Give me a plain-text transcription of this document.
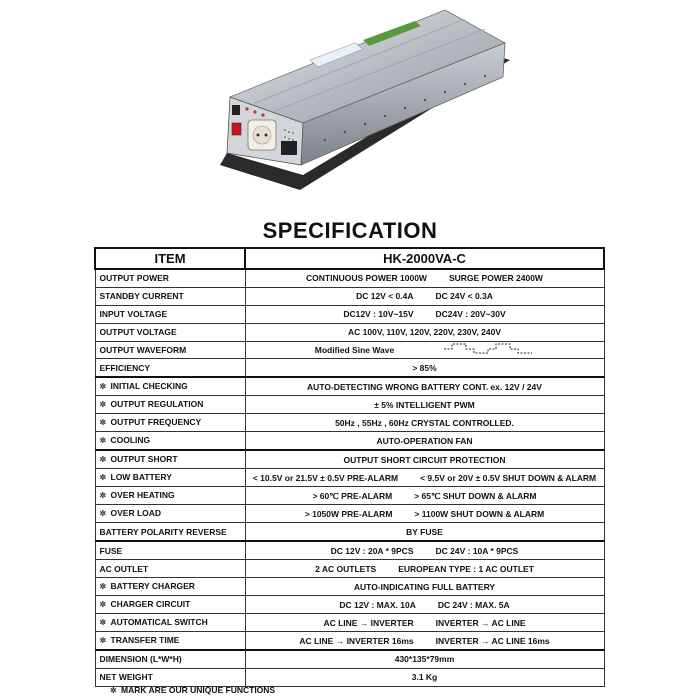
SPECIFICATION
ITEM	HK-2000VA-C
OUTPUT POWER	CONTINUOUS POWER 1000W SURGE POWER 2400W

STANDBY CURRENT	DC 12V < 0.4A DC 24V < 0.3A

INPUT VOLTAGE	DC12V : 10V~15V DC24V : 20V~30V

OUTPUT VOLTAGE	AC 100V, 110V, 120V, 220V, 230V, 240V

OUTPUT WAVEFORM	Modified Sine Wave

EFFICIENCY	> 85%

✲ INITIAL CHECKING	AUTO-DETECTING WRONG BATTERY CONT. ex. 12V / 24V

✲ OUTPUT REGULATION	± 5% INTELLIGENT PWM

✲ OUTPUT FREQUENCY	50Hz , 55Hz , 60Hz CRYSTAL CONTROLLED.

✲ COOLING	AUTO-OPERATION FAN

✲ OUTPUT SHORT	OUTPUT SHORT CIRCUIT PROTECTION

✲ LOW BATTERY	< 10.5V or 21.5V ± 0.5V PRE-ALARM < 9.5V or 20V ± 0.5V SHUT DOWN & ALARM

✲ OVER HEATING	> 60℃ PRE-ALARM > 65℃ SHUT DOWN & ALARM

✲ OVER LOAD	> 1050W PRE-ALARM > 1100W SHUT DOWN & ALARM

BATTERY POLARITY REVERSE	BY FUSE

FUSE	DC 12V : 20A * 9PCS DC 24V : 10A * 9PCS

AC OUTLET	2 AC OUTLETS EUROPEAN TYPE : 1 AC OUTLET

✲ BATTERY CHARGER	AUTO-INDICATING FULL BATTERY

✲ CHARGER CIRCUIT	DC 12V : MAX. 10A DC 24V : MAX. 5A

✲ AUTOMATICAL SWITCH	AC LINE → INVERTER INVERTER → AC LINE

✲ TRANSFER TIME	AC LINE → INVERTER 16ms INVERTER → AC LINE 16ms

DIMENSION (L*W*H)	430*135*79mm

NET WEIGHT	3.1 Kg
✲ MARK ARE OUR UNIQUE FUNCTIONS
